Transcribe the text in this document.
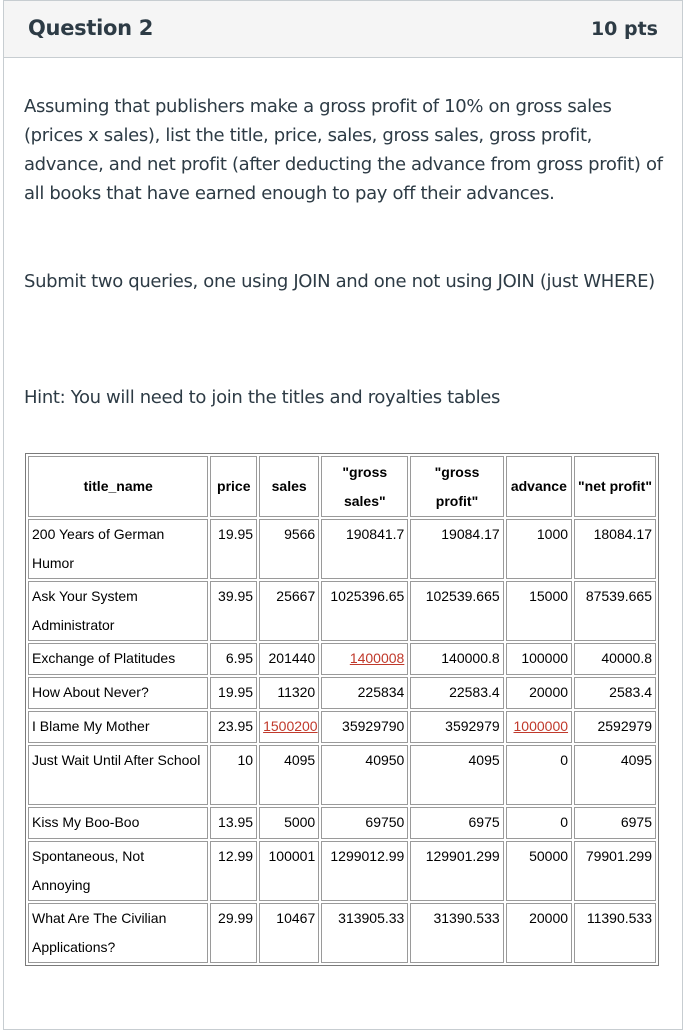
Question 2	10 pts

Assuming that publishers make a gross profit of 10% on gross sales (prices x sales), list the title, price, sales, gross sales, gross profit, advance, and net profit (after deducting the advance from gross profit) of all books that have earned enough to pay off their advances.

Submit two queries, one using JOIN and one not using JOIN (just WHERE)

Hint: You will need to join the titles and royalties tables

title_name	price	sales	"gross sales"	"gross profit"	advance	"net profit"
200 Years of German Humor	19.95	9566	190841.7	19084.17	1000	18084.17
Ask Your System Administrator	39.95	25667	1025396.65	102539.665	15000	87539.665
Exchange of Platitudes	6.95	201440	1400008	140000.8	100000	40000.8
How About Never?	19.95	11320	225834	22583.4	20000	2583.4
I Blame My Mother	23.95	1500200	35929790	3592979	1000000	2592979
Just Wait Until After School	10	4095	40950	4095	0	4095
Kiss My Boo-Boo	13.95	5000	69750	6975	0	6975
Spontaneous, Not Annoying	12.99	100001	1299012.99	129901.299	50000	79901.299
What Are The Civilian Applications?	29.99	10467	313905.33	31390.533	20000	11390.533
